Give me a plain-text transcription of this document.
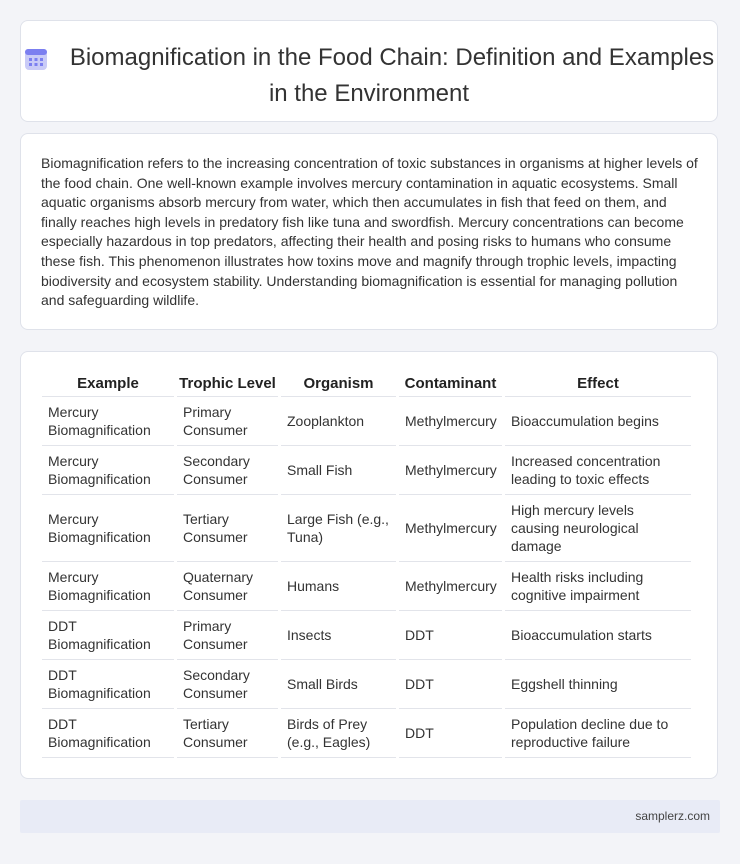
Biomagnification in the Food Chain: Definition and Examples in the Environment
Biomagnification refers to the increasing concentration of toxic substances in organisms at higher levels of the food chain. One well-known example involves mercury contamination in aquatic ecosystems. Small aquatic organisms absorb mercury from water, which then accumulates in fish that feed on them, and finally reaches high levels in predatory fish like tuna and swordfish. Mercury concentrations can become especially hazardous in top predators, affecting their health and posing risks to humans who consume these fish. This phenomenon illustrates how toxins move and magnify through trophic levels, impacting biodiversity and ecosystem stability. Understanding biomagnification is essential for managing pollution and safeguarding wildlife.
Example	Trophic Level	Organism	Contaminant	Effect
Mercury Biomagnification	Primary Consumer	Zooplankton	Methylmercury	Bioaccumulation begins
Mercury Biomagnification	Secondary Consumer	Small Fish	Methylmercury	Increased concentration leading to toxic effects
Mercury Biomagnification	Tertiary Consumer	Large Fish (e.g., Tuna)	Methylmercury	High mercury levels causing neurological damage
Mercury Biomagnification	Quaternary Consumer	Humans	Methylmercury	Health risks including cognitive impairment
DDT Biomagnification	Primary Consumer	Insects	DDT	Bioaccumulation starts
DDT Biomagnification	Secondary Consumer	Small Birds	DDT	Eggshell thinning
DDT Biomagnification	Tertiary Consumer	Birds of Prey (e.g., Eagles)	DDT	Population decline due to reproductive failure
samplerz.com
